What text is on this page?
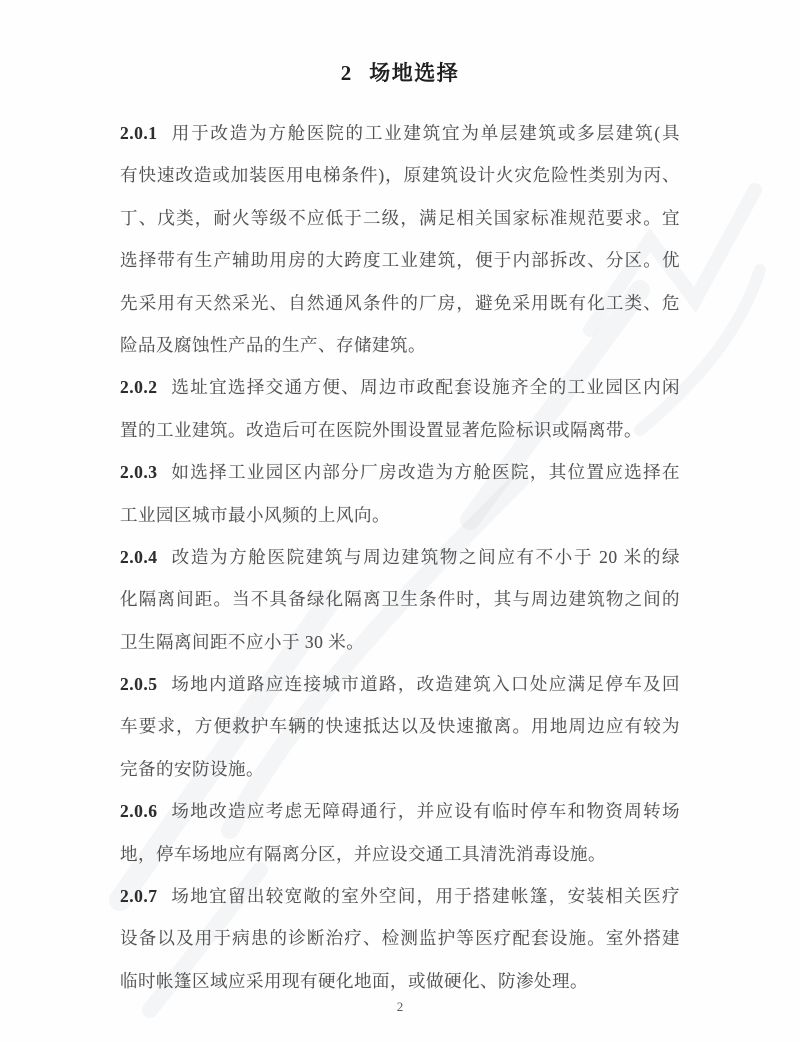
2 场地选择
2.0.1 用于改造为方舱医院的工业建筑宜为单层建筑或多层建筑(具
有快速改造或加装医用电梯条件)，原建筑设计火灾危险性类别为丙、
丁、戊类，耐火等级不应低于二级，满足相关国家标准规范要求。宜
选择带有生产辅助用房的大跨度工业建筑，便于内部拆改、分区。优
先采用有天然采光、自然通风条件的厂房，避免采用既有化工类、危
险品及腐蚀性产品的生产、存储建筑。
2.0.2 选址宜选择交通方便、周边市政配套设施齐全的工业园区内闲
置的工业建筑。改造后可在医院外围设置显著危险标识或隔离带。
2.0.3 如选择工业园区内部分厂房改造为方舱医院，其位置应选择在
工业园区城市最小风频的上风向。
2.0.4 改造为方舱医院建筑与周边建筑物之间应有不小于 20 米的绿
化隔离间距。当不具备绿化隔离卫生条件时，其与周边建筑物之间的
卫生隔离间距不应小于 30 米。
2.0.5 场地内道路应连接城市道路，改造建筑入口处应满足停车及回
车要求，方便救护车辆的快速抵达以及快速撤离。用地周边应有较为
完备的安防设施。
2.0.6 场地改造应考虑无障碍通行，并应设有临时停车和物资周转场
地，停车场地应有隔离分区，并应设交通工具清洗消毒设施。
2.0.7 场地宜留出较宽敞的室外空间，用于搭建帐篷，安装相关医疗
设备以及用于病患的诊断治疗、检测监护等医疗配套设施。室外搭建
临时帐篷区域应采用现有硬化地面，或做硬化、防渗处理。
2
